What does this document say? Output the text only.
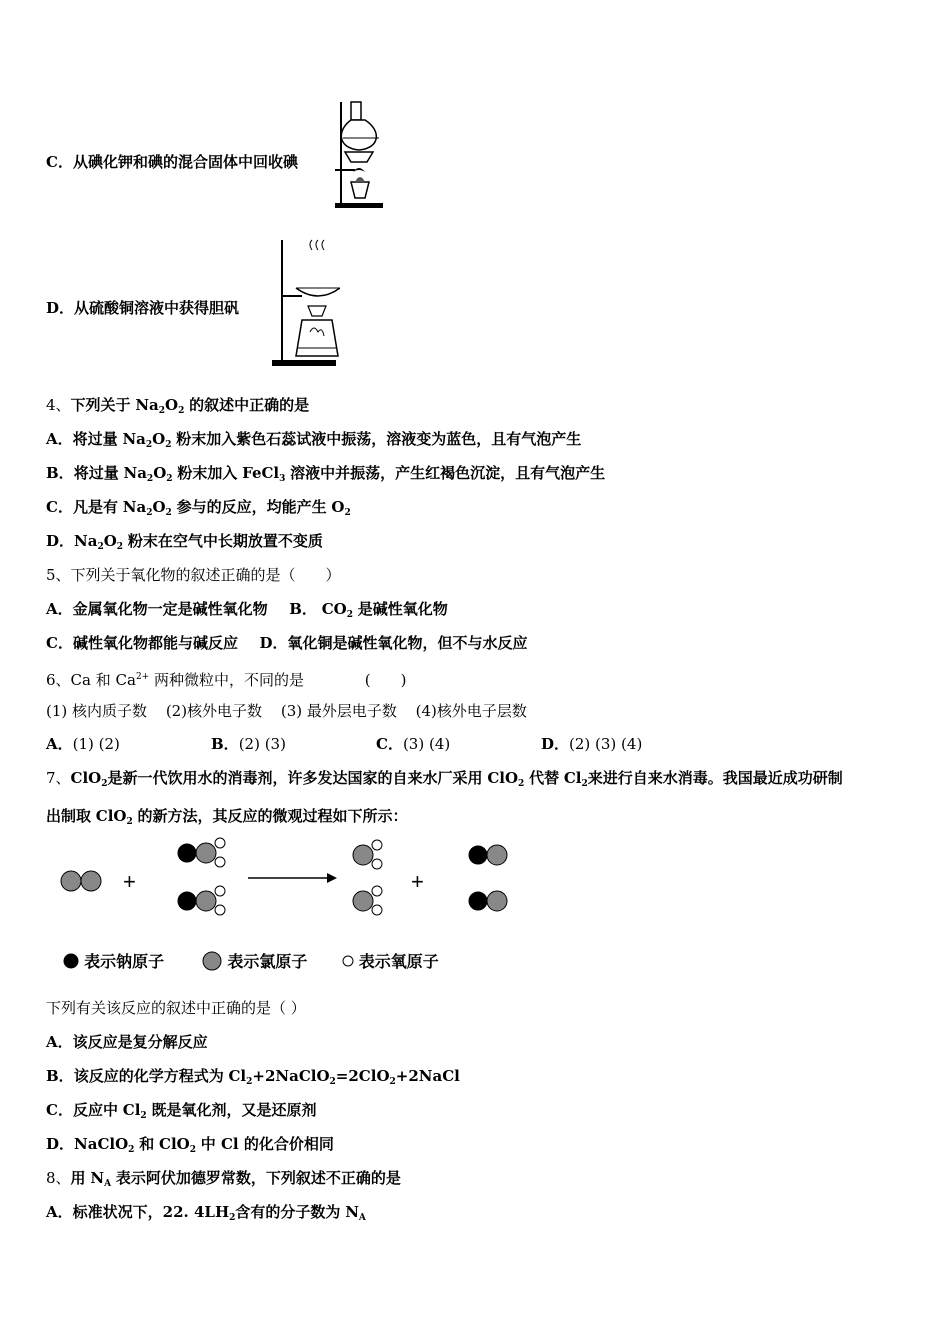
C．从碘化钾和碘的混合固体中回收碘
D．从硫酸铜溶液中获得胆矾
4、下列关于 $Na_2O_2$ 的叙述中正确的是
A．将过量 $Na_2O_2$ 粉末加入紫色石蕊试液中振荡，溶液变为蓝色，且有气泡产生
B．将过量 $Na_2O_2$ 粉末加入 FeCl$_3$ 溶液中并振荡，产生红褐色沉淀，且有气泡产生
C．凡是有 $Na_2O_2$ 参与的反应，均能产生 $O_2$
D．$Na_2O_2$ 粉末在空气中长期放置不变质
5、下列关于氧化物的叙述正确的是（　　）
A．金属氧化物一定是碱性氧化物 B． $CO_2$ 是碱性氧化物
C．碱性氧化物都能与碱反应 D．氧化铜是碱性氧化物，但不与水反应
6、Ca 和 $Ca^{2+}$ 两种微粒中，不同的是	(　　)
(1) 核内质子数 (2)核外电子数 (3) 最外层电子数 (4)核外电子层数
A．(1) (2)	B．(2) (3)	C．(3) (4)	D．(2) (3) (4)
7、ClO$_2$是新一代饮用水的消毒剂，许多发达国家的自来水厂采用 ClO$_2$ 代替 $Cl_2$来进行自来水消毒。我国最近成功研制
出制取 ClO$_2$ 的新方法，其反应的微观过程如下所示：
+	+
表示钠原子	表示氯原子	表示氧原子
下列有关该反应的叙述中正确的是（ ）
A．该反应是复分解反应
B．该反应的化学方程式为 $Cl_2+2NaClO_2=2ClO_2+2NaCl$
C．反应中 $Cl_2$ 既是氧化剂，又是还原剂
D．NaClO$_2$ 和 ClO$_2$ 中 Cl 的化合价相同
8、用 $N_A$ 表示阿伏加德罗常数，下列叙述不正确的是
A．标准状况下，22. $4LH_2$含有的分子数为 $N_A$
